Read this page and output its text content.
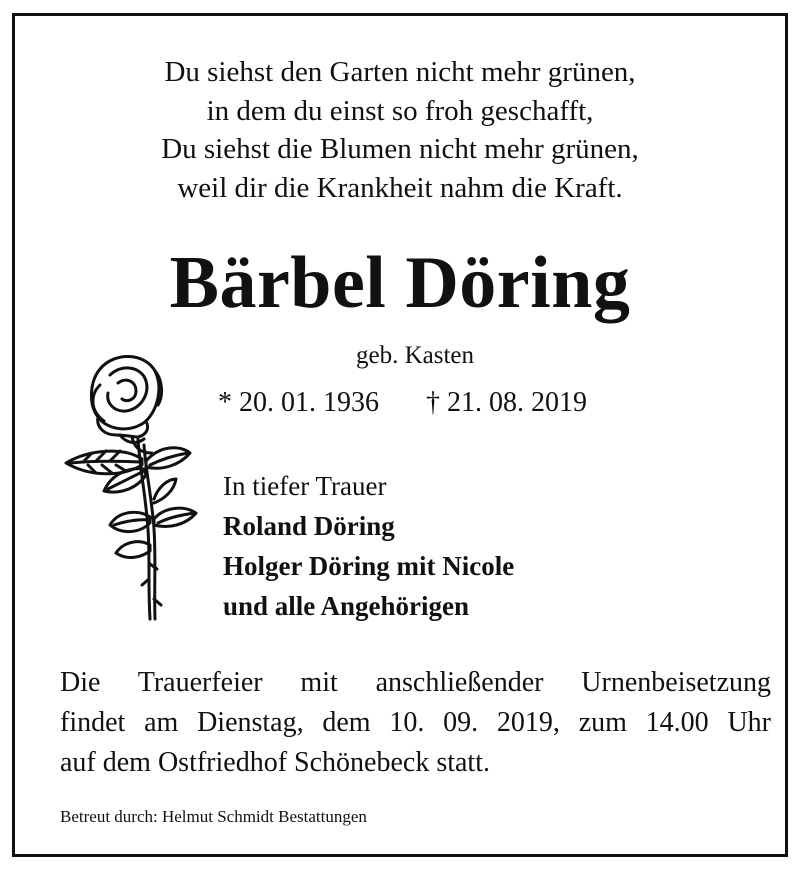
Du siehst den Garten nicht mehr grünen,
in dem du einst so froh geschafft,
Du siehst die Blumen nicht mehr grünen,
weil dir die Krankheit nahm die Kraft.
Bärbel Döring
geb. Kasten
* 20. 01. 1936 † 21. 08. 2019
In tiefer Trauer
Roland Döring
Holger Döring mit Nicole
und alle Angehörigen
Die Trauerfeier mit anschließender Urnenbeisetzung
findet am Dienstag, dem 10. 09. 2019, zum 14.00 Uhr
auf dem Ostfriedhof Schönebeck statt.
Betreut durch: Helmut Schmidt Bestattungen
